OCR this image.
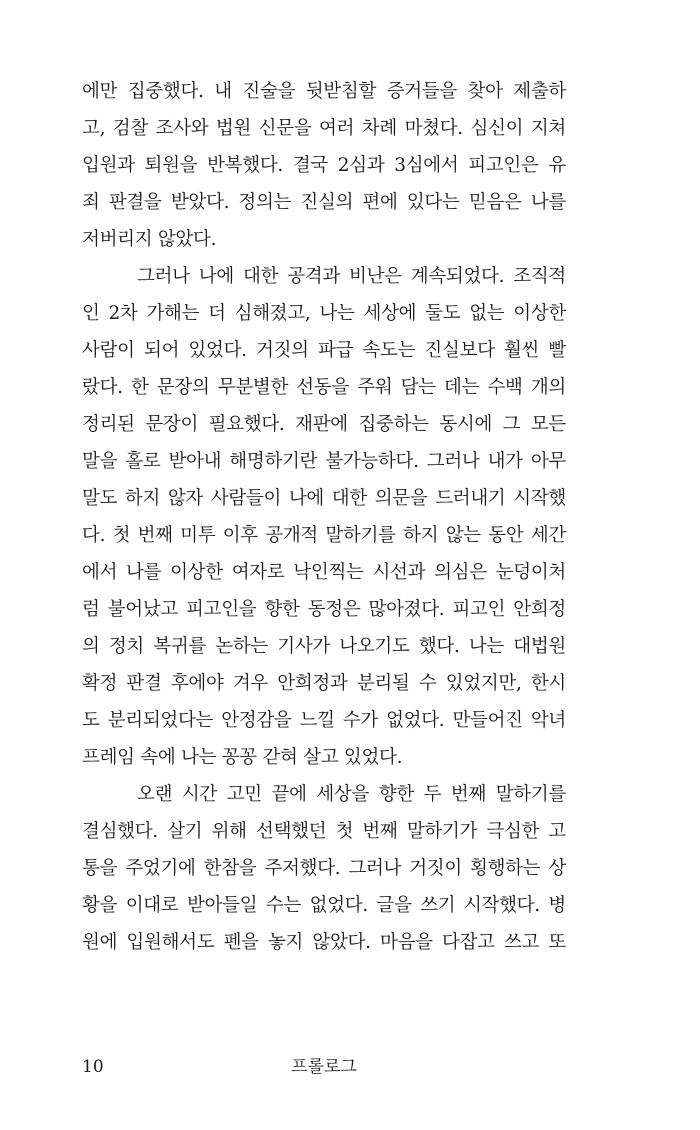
에만 집중했다. 내 진술을 뒷받침할 증거들을 찾아 제출하
고, 검찰 조사와 법원 신문을 여러 차례 마쳤다. 심신이 지쳐
입원과 퇴원을 반복했다. 결국 2심과 3심에서 피고인은 유
죄 판결을 받았다. 정의는 진실의 편에 있다는 믿음은 나를
저버리지 않았다.
그러나 나에 대한 공격과 비난은 계속되었다. 조직적
인 2차 가해는 더 심해졌고, 나는 세상에 둘도 없는 이상한
사람이 되어 있었다. 거짓의 파급 속도는 진실보다 훨씬 빨
랐다. 한 문장의 무분별한 선동을 주워 담는 데는 수백 개의
정리된 문장이 필요했다. 재판에 집중하는 동시에 그 모든
말을 홀로 받아내 해명하기란 불가능하다. 그러나 내가 아무
말도 하지 않자 사람들이 나에 대한 의문을 드러내기 시작했
다. 첫 번째 미투 이후 공개적 말하기를 하지 않는 동안 세간
에서 나를 이상한 여자로 낙인찍는 시선과 의심은 눈덩이처
럼 불어났고 피고인을 향한 동정은 많아졌다. 피고인 안희정
의 정치 복귀를 논하는 기사가 나오기도 했다. 나는 대법원
확정 판결 후에야 겨우 안희정과 분리될 수 있었지만, 한시
도 분리되었다는 안정감을 느낄 수가 없었다. 만들어진 악녀
프레임 속에 나는 꽁꽁 갇혀 살고 있었다.
오랜 시간 고민 끝에 세상을 향한 두 번째 말하기를
결심했다. 살기 위해 선택했던 첫 번째 말하기가 극심한 고
통을 주었기에 한참을 주저했다. 그러나 거짓이 횡행하는 상
황을 이대로 받아들일 수는 없었다. 글을 쓰기 시작했다. 병
원에 입원해서도 펜을 놓지 않았다. 마음을 다잡고 쓰고 또
10	프롤로그
